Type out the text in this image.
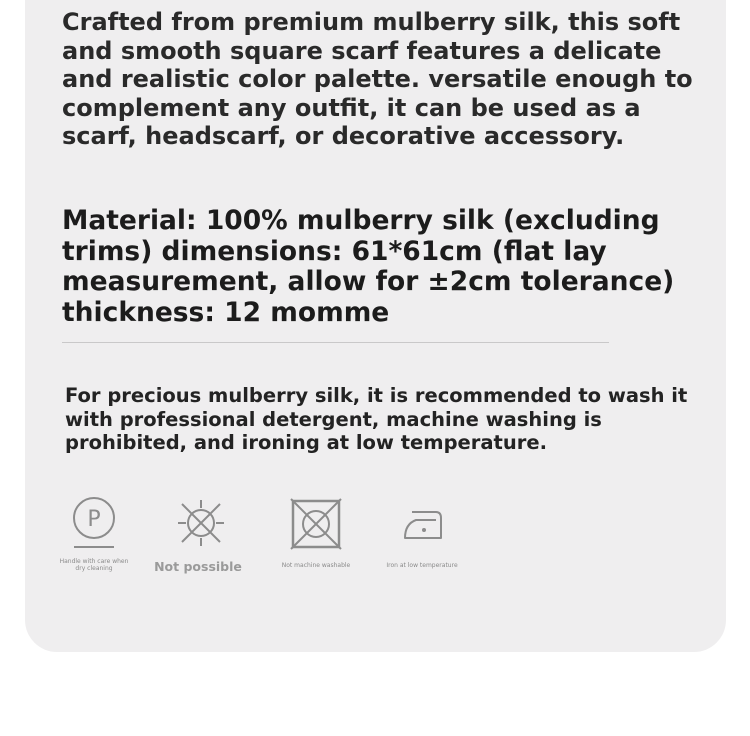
Crafted from premium mulberry silk, this soft and smooth square scarf features a delicate and realistic color palette. versatile enough to complement any outfit, it can be used as a scarf, headscarf, or decorative accessory.

Material: 100% mulberry silk (excluding trims) dimensions: 61*61cm (flat lay measurement, allow for ±2cm tolerance) thickness: 12 momme

For precious mulberry silk, it is recommended to wash it with professional detergent, machine washing is prohibited, and ironing at low temperature.

P

Handle with care when dry cleaning	Not possible	Not machine washable	Iron at low temperature
